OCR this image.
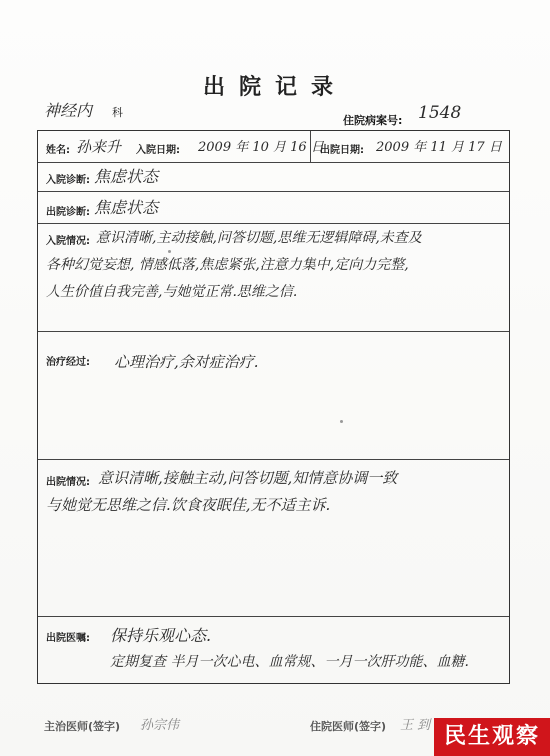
出院记录
神经内 科
住院病案号: 1548
姓名: 孙来升 入院日期: 2009 年 10 月 16 日
出院日期: 2009 年 11 月 17 日
入院诊断: 焦虑状态
出院诊断: 焦虑状态
入院情况: 意识清晰,主动接触,问答切题,思维无逻辑障碍,未查及
各种幻觉妄想, 情感低落,焦虑紧张,注意力集中,定向力完整,
人生价值自我完善,与她觉正常.思维之信.
治疗经过: 心理治疗,余对症治疗.
出院情况: 意识清晰,接触主动,问答切题,知情意协调一致
与她觉无思维之信.饮食夜眠佳,无不适主诉.
出院医嘱: 保持乐观心态.
定期复查 半月一次心电、血常规、一月一次肝功能、血糖.
主治医师(签字) 孙宗伟	住院医师(签字) 王 到 民生观察
